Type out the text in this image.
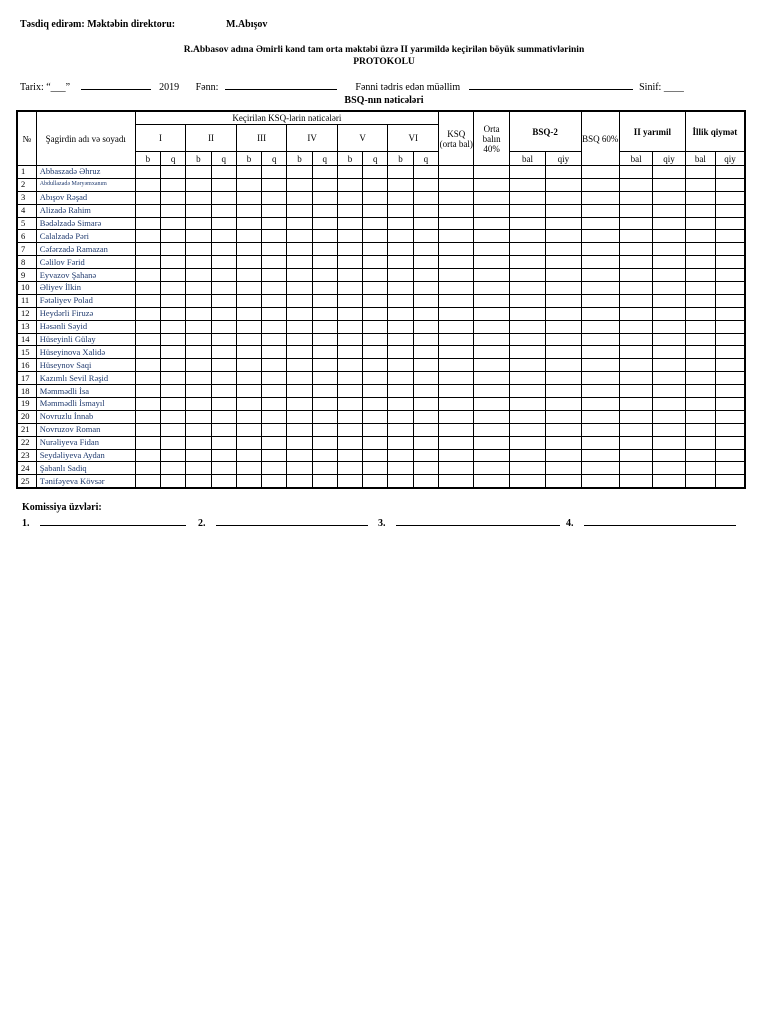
Təsdiq edirəm: Məktəbin direktoru:	M.Abışov
R.Abbasov adına Əmirli kənd tam orta məktəbi üzrə II yarımildə keçirilən böyük summativlərinin
PROTOKOLU
Tarix: “___”	2019 Fənn:	Fənni tədris edən müəllim	Sinif: ____
BSQ-nın nəticələri
№	Şagirdin adı və soyadı	Keçirilən KSQ-lərin nəticələri												KSQ (orta bal)	Orta balın 40%	BSQ-2		BSQ 60%	II yarımil		İllik qiymət	
		I		II		III		IV		V		VI										
		b	q	b	q	b	q	b	q	b	q	b	q			bal	qiy		bal	qiy	bal	qiy
1	Abbaszadə Əhruz																					
2	Abdullazadə Məryəmxanım																					
3	Abışov Rəşad																					
4	Alizadə Rahim																					
5	Bədəlzadə Simarə																					
6	Calalzadə Pəri																					
7	Cəfərzadə Ramazan																					
8	Cəlilov Fərid																					
9	Eyvazov Şahanə																					
10	Əliyev İlkin																					
11	Fətəliyev Polad																					
12	Heydərli Firuzə																					
13	Həsənli Səyid																					
14	Hüseyinli Gülay																					
15	Hüseyinova Xalidə																					
16	Hüseynov Saqi																					
17	Kazımlı Sevil Rəşid																					
18	Məmmədli İsa																					
19	Məmmədli İsmayıl																					
20	Novruzlu İnnab																					
21	Novruzov Roman																					
22	Nurəliyeva Fidan																					
23	Seydəliyeva Aydan																					
24	Şabanlı Sadiq																					
25	Tənifəyeva Kövsər																					
Komissiya üzvləri:
1.	2.	3.	4.
